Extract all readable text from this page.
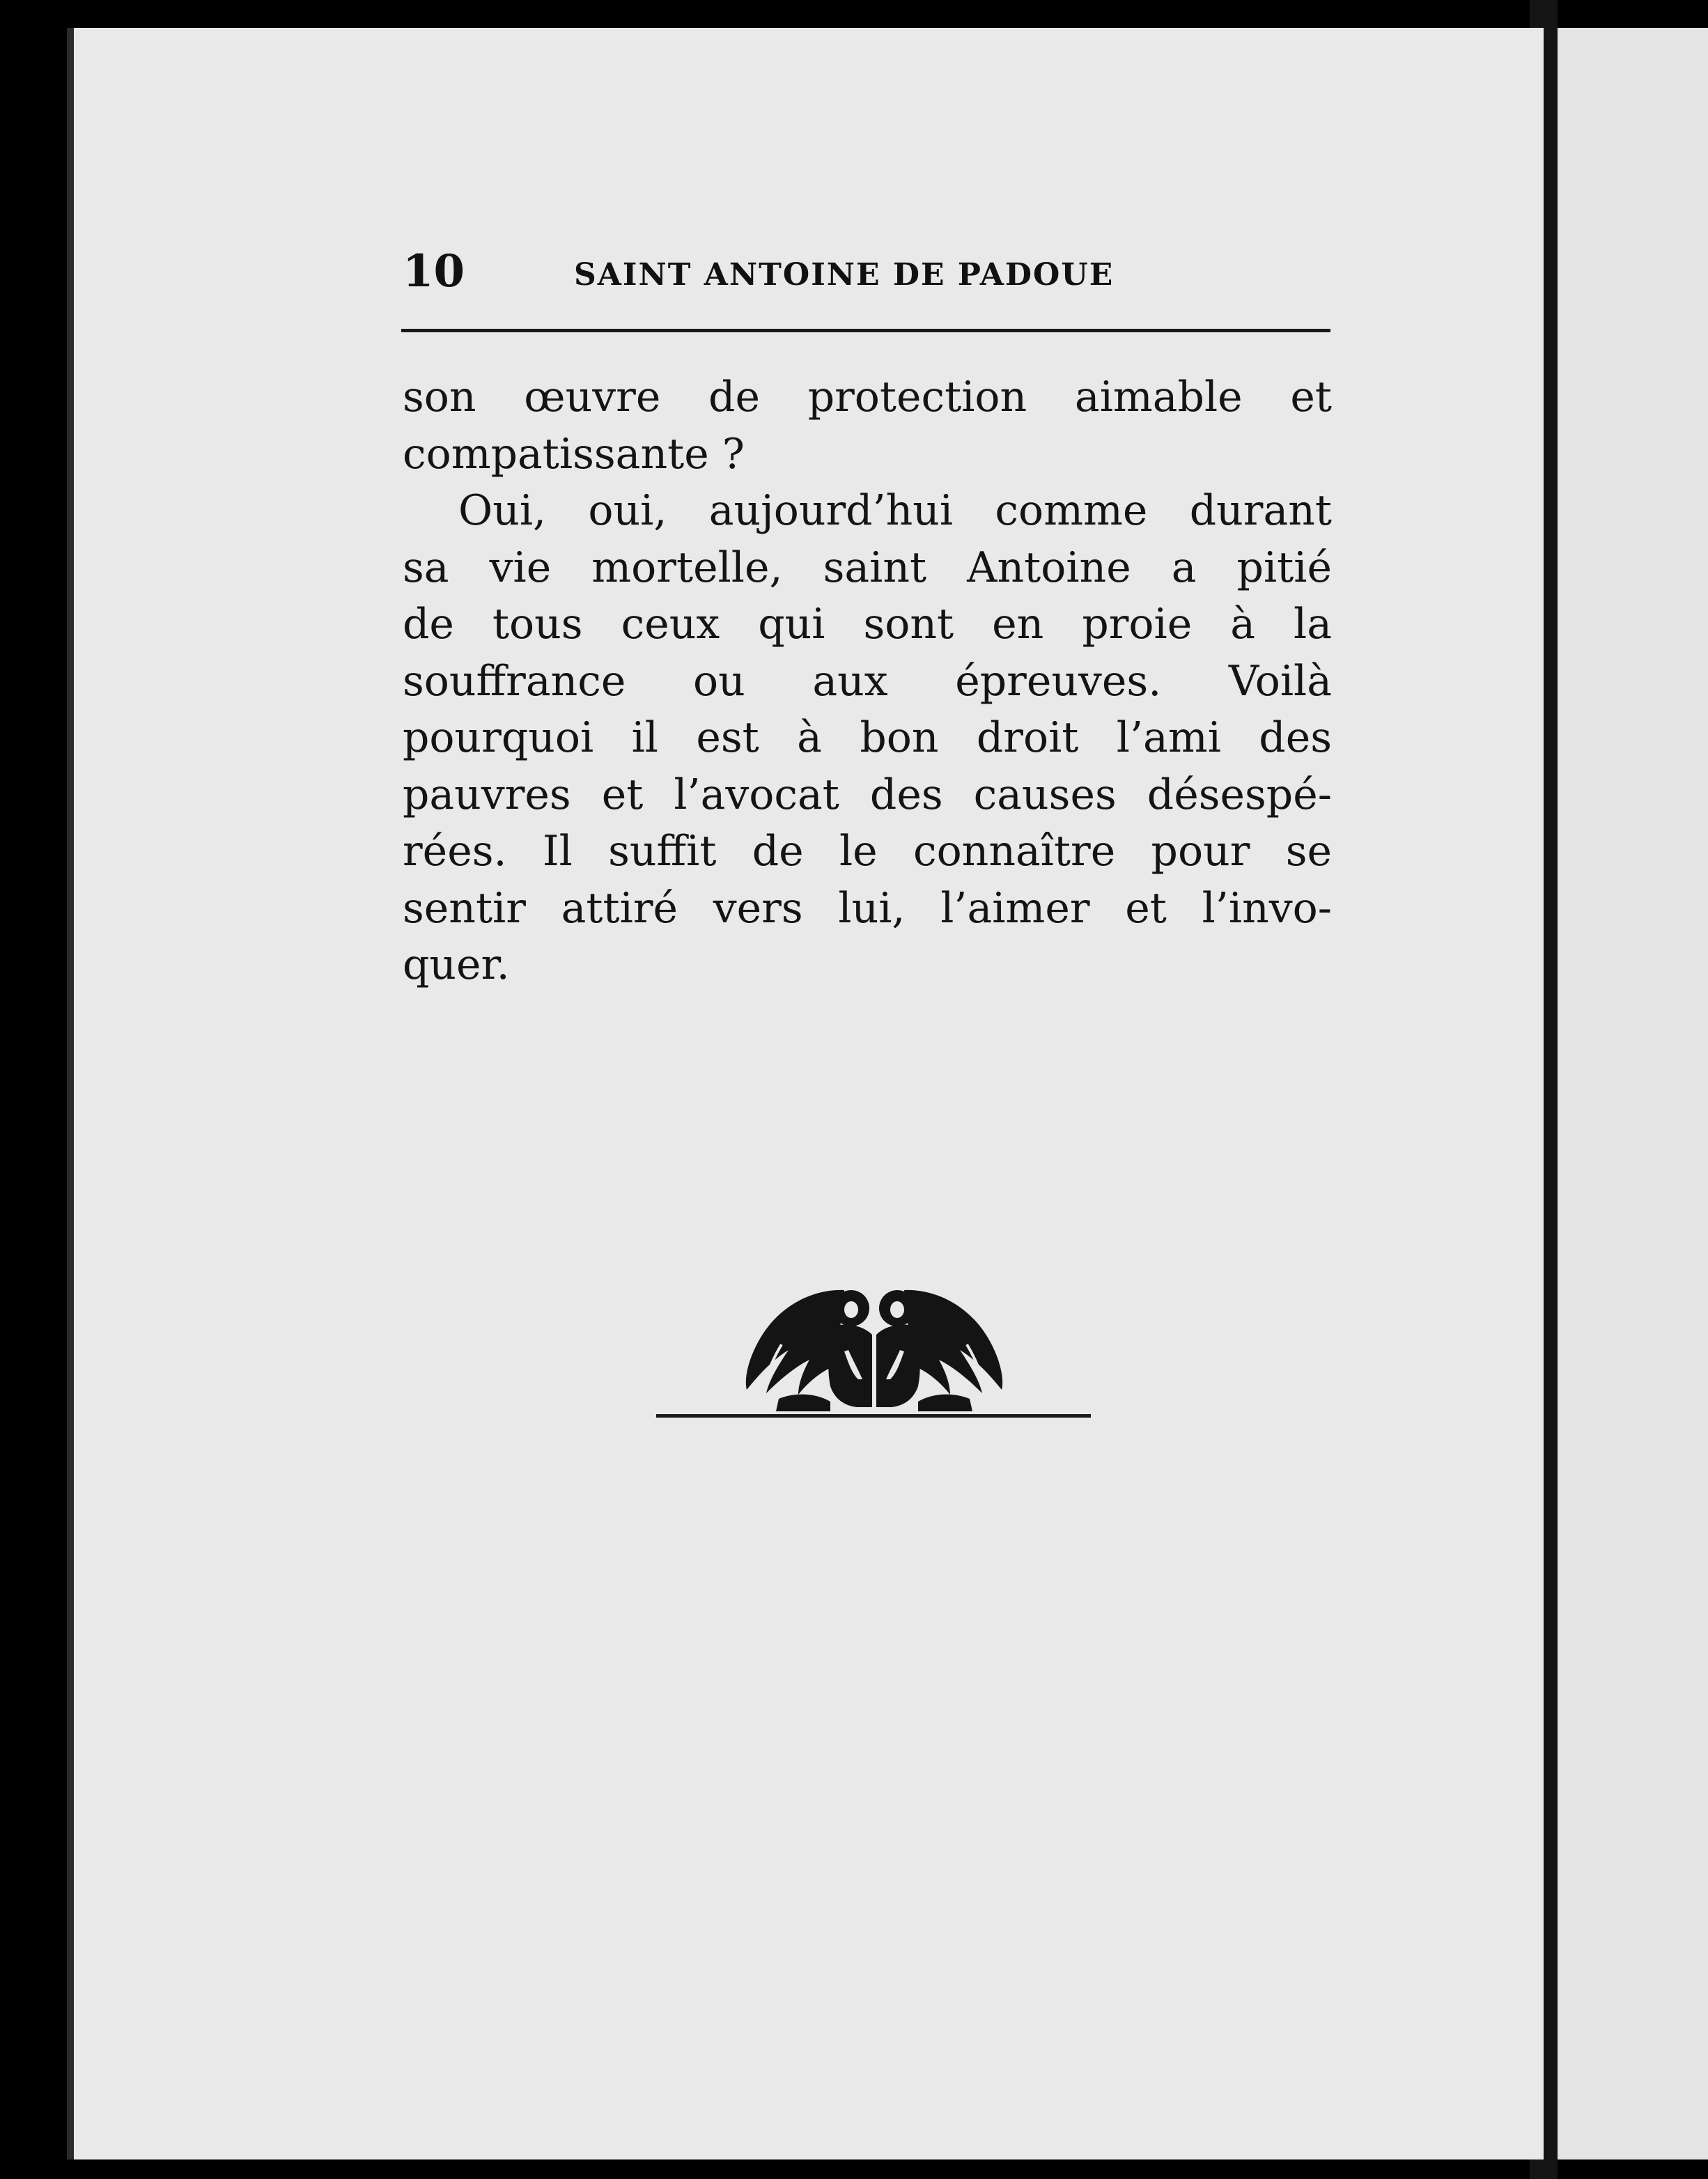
10	SAINT ANTOINE DE PADOUE
son œuvre de protection aimable et
compatissante ?
Oui, oui, aujourd’hui comme durant
sa vie mortelle, saint Antoine a pitié
de tous ceux qui sont en proie à la
souffrance ou aux épreuves. Voilà
pourquoi il est à bon droit l’ami des
pauvres et l’avocat des causes désespé-
rées. Il suffit de le connaître pour se
sentir attiré vers lui, l’aimer et l’invo-
quer.
